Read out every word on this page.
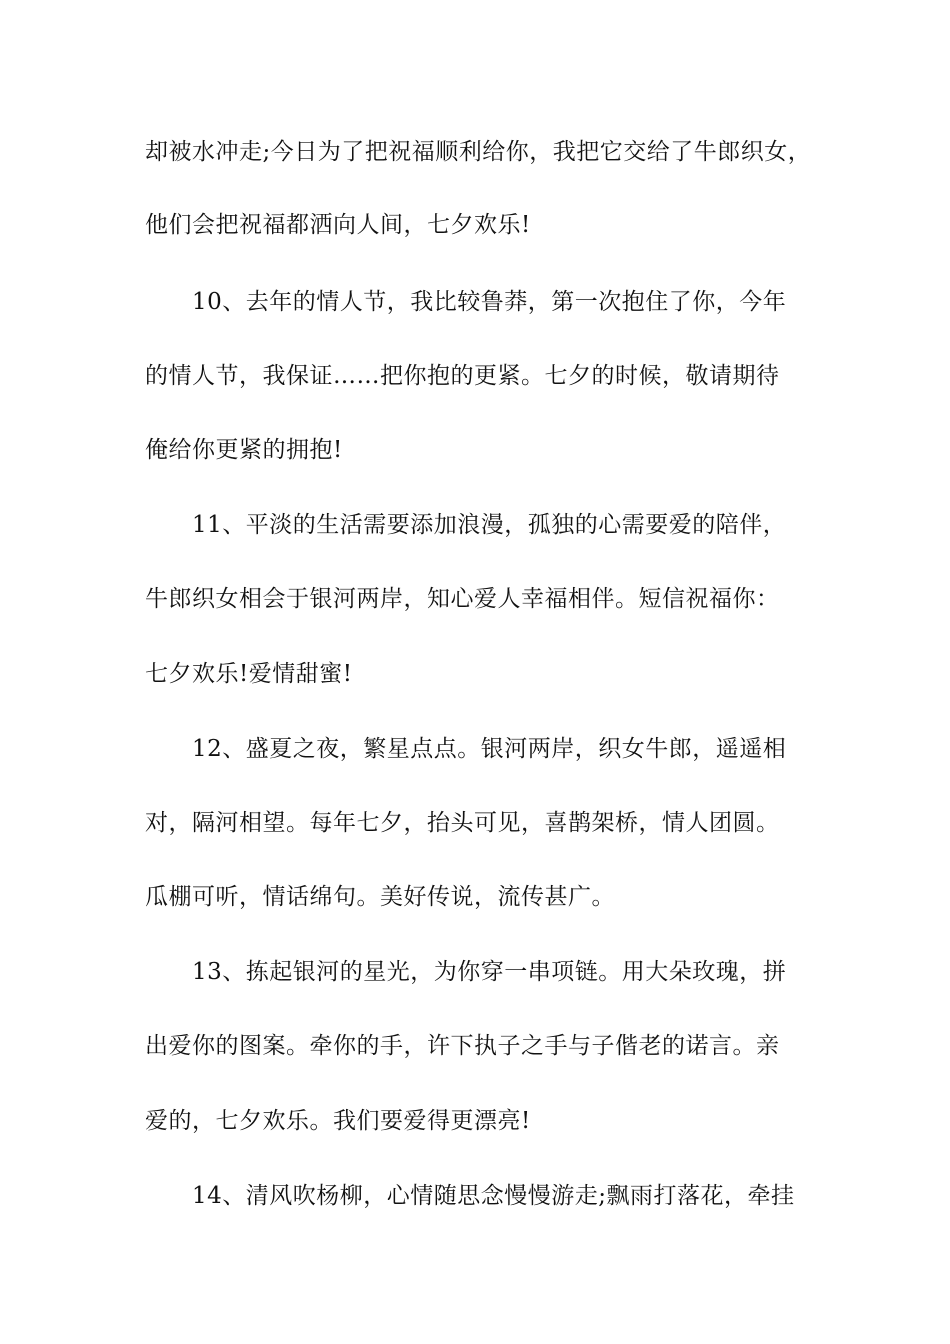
却被水冲走;今日为了把祝福顺利给你，我把它交给了牛郎织女，
他们会把祝福都洒向人间，七夕欢乐!
10、去年的情人节，我比较鲁莽，第一次抱住了你，今年
的情人节，我保证……把你抱的更紧。七夕的时候，敬请期待
俺给你更紧的拥抱!
11、平淡的生活需要添加浪漫，孤独的心需要爱的陪伴，
牛郎织女相会于银河两岸，知心爱人幸福相伴。短信祝福你：
七夕欢乐!爱情甜蜜!
12、盛夏之夜，繁星点点。银河两岸，织女牛郎，遥遥相
对，隔河相望。每年七夕，抬头可见，喜鹊架桥，情人团圆。
瓜棚可听，情话绵句。美好传说，流传甚广。
13、拣起银河的星光，为你穿一串项链。用大朵玫瑰，拼
出爱你的图案。牵你的手，许下执子之手与子偕老的诺言。亲
爱的，七夕欢乐。我们要爱得更漂亮!
14、清风吹杨柳，心情随思念慢慢游走;飘雨打落花，牵挂
